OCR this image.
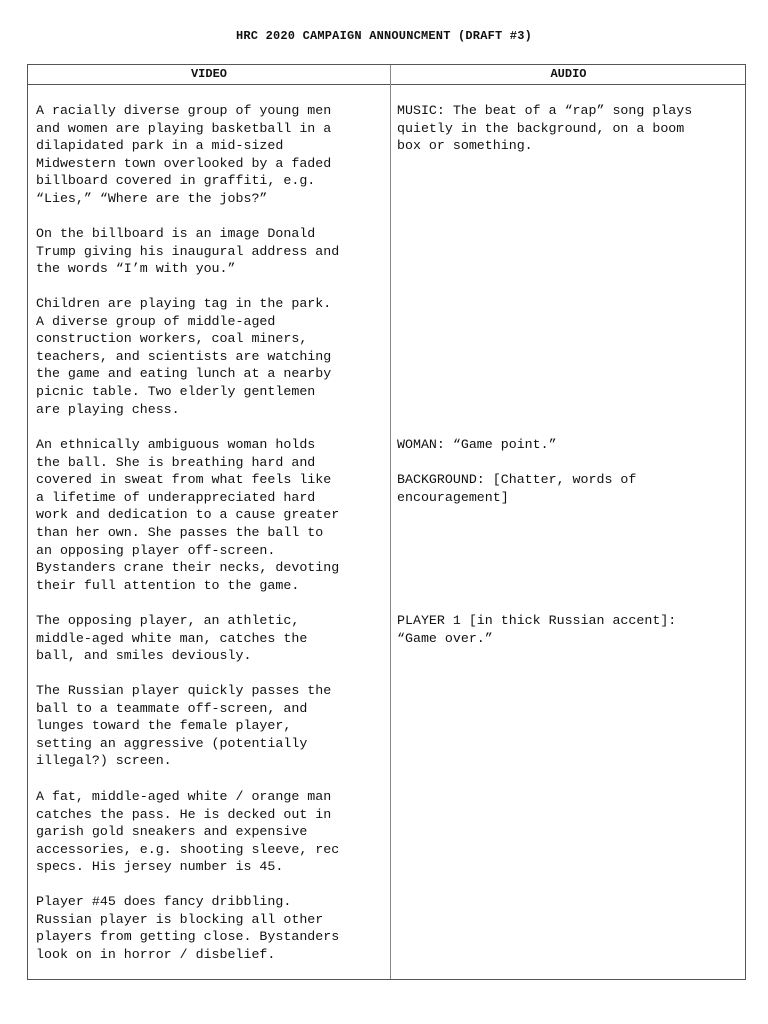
HRC 2020 CAMPAIGN ANNOUNCMENT (DRAFT #3)
VIDEO	AUDIO

A racially diverse group of young men
and women are playing basketball in a
dilapidated park in a mid-sized
Midwestern town overlooked by a faded
billboard covered in graffiti, e.g.
“Lies,” “Where are the jobs?”

On the billboard is an image Donald
Trump giving his inaugural address and
the words “I’m with you.”

Children are playing tag in the park.
A diverse group of middle-aged
construction workers, coal miners,
teachers, and scientists are watching
the game and eating lunch at a nearby
picnic table. Two elderly gentlemen
are playing chess.

An ethnically ambiguous woman holds
the ball. She is breathing hard and
covered in sweat from what feels like
a lifetime of underappreciated hard
work and dedication to a cause greater
than her own. She passes the ball to
an opposing player off-screen.
Bystanders crane their necks, devoting
their full attention to the game.

The opposing player, an athletic,
middle-aged white man, catches the
ball, and smiles deviously.

The Russian player quickly passes the
ball to a teammate off-screen, and
lunges toward the female player,
setting an aggressive (potentially
illegal?) screen.

A fat, middle-aged white / orange man
catches the pass. He is decked out in
garish gold sneakers and expensive
accessories, e.g. shooting sleeve, rec
specs. His jersey number is 45.

Player #45 does fancy dribbling.
Russian player is blocking all other
players from getting close. Bystanders
look on in horror / disbelief.

MUSIC: The beat of a “rap” song plays
quietly in the background, on a boom
box or something.

WOMAN: “Game point.”

BACKGROUND: [Chatter, words of
encouragement]

PLAYER 1 [in thick Russian accent]:
“Game over.”
